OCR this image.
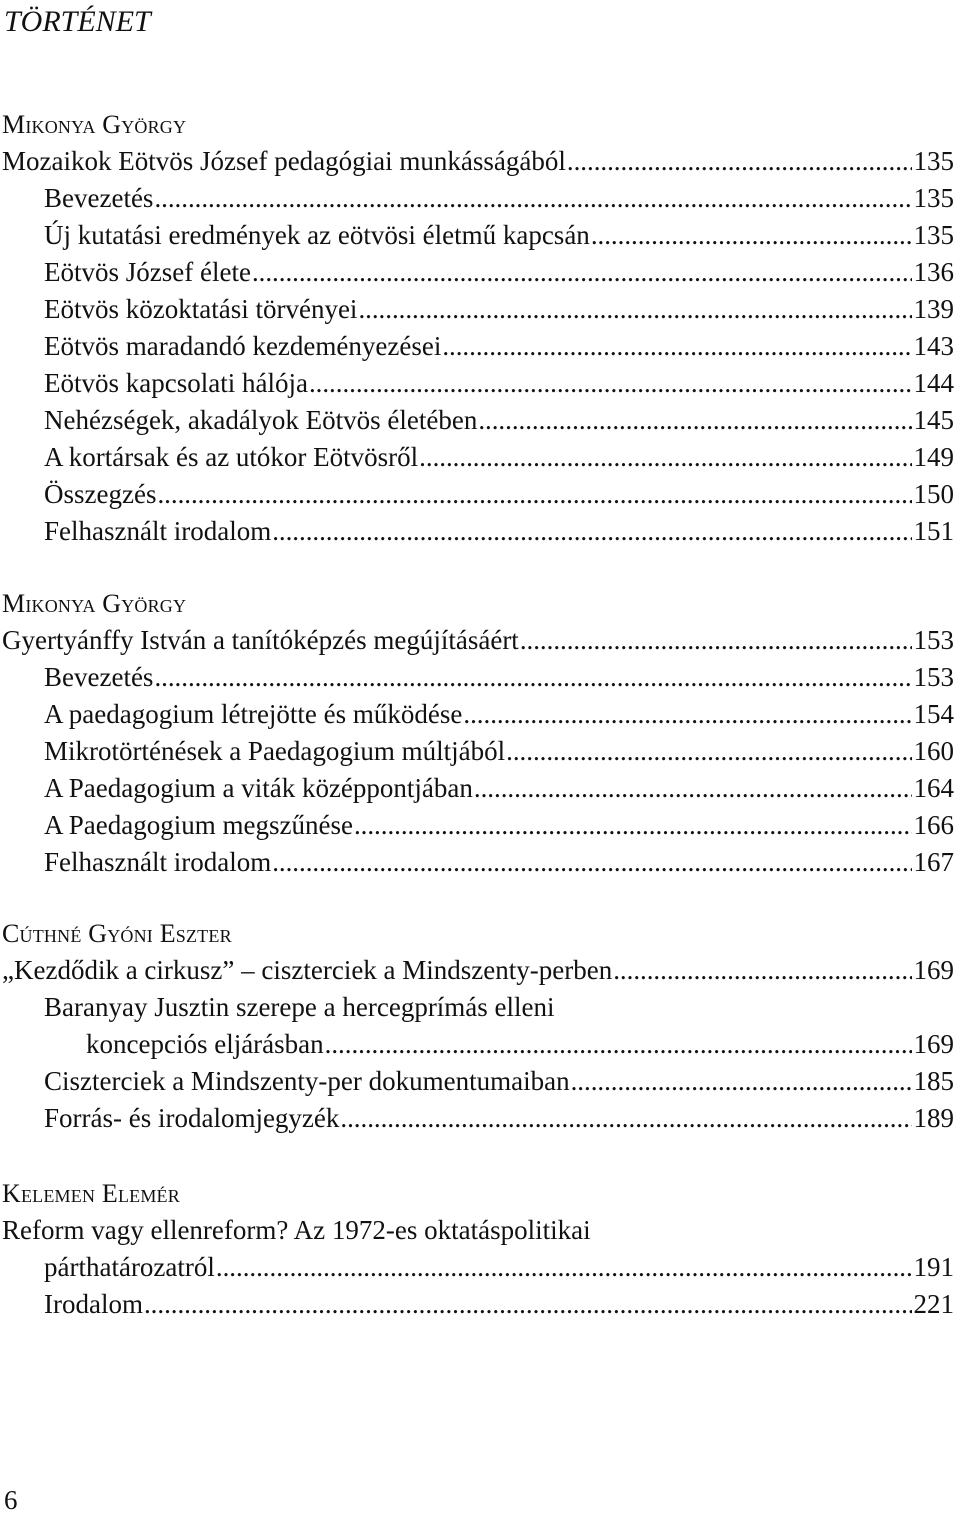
TÖRTÉNET
Mikonya György
Mozaikok Eötvös József pedagógiai munkásságából . . .	135
Bevezetés . . .	135
Új kutatási eredmények az eötvösi életmű kapcsán . . .	135
Eötvös József élete . . .	136
Eötvös közoktatási törvényei . . .	139
Eötvös maradandó kezdeményezései . . .	143
Eötvös kapcsolati hálója . . .	144
Nehézségek, akadályok Eötvös életében . . .	145
A kortársak és az utókor Eötvösről . . .	149
Összegzés . . .	150
Felhasznált irodalom . . .	151
Mikonya György
Gyertyánffy István a tanítóképzés megújításáért . . .	153
Bevezetés . . .	153
A paedagogium létrejötte és működése . . .	154
Mikrotörténések a Paedagogium múltjából . . .	160
A Paedagogium a viták középpontjában . . .	164
A Paedagogium megszűnése . . .	166
Felhasznált irodalom . . .	167
Cúthné Gyóni Eszter
„Kezdődik a cirkusz” – ciszterciek a Mindszenty-perben . . .	169
Baranyay Jusztin szerepe a hercegprímás elleni
koncepciós eljárásban . . .	169
Ciszterciek a Mindszenty-per dokumentumaiban . . .	185
Forrás- és irodalomjegyzék . . .	189
Kelemen Elemér
Reform vagy ellenreform? Az 1972-es oktatáspolitikai
párthatározatról . . .	191
Irodalom . . .	221
6
